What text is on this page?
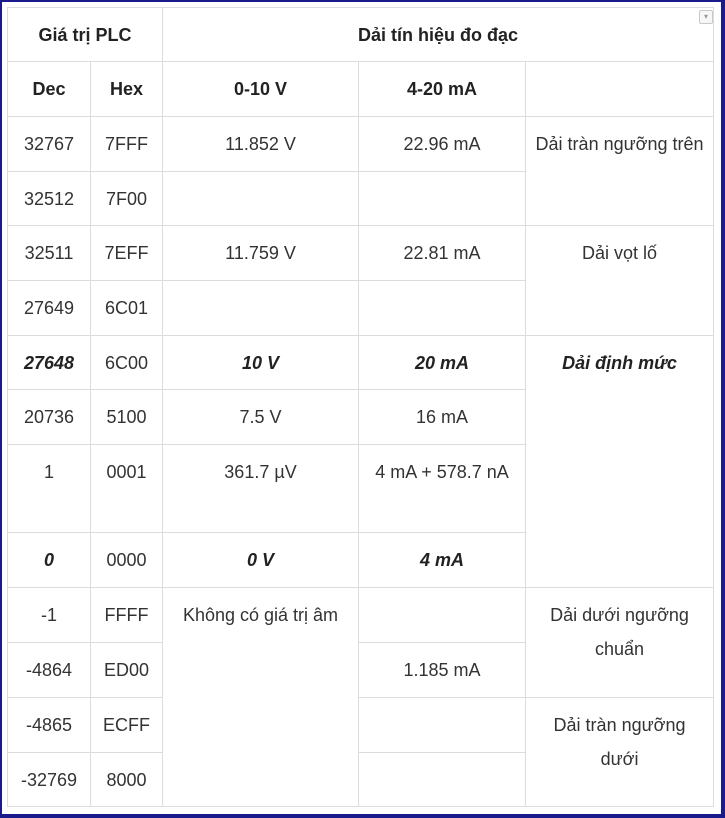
▾
Giá trị PLC		Dải tín hiệu đo đạc		
Dec	Hex	0-10 V	4-20 mA	
32767	7FFF	11.852 V	22.96 mA	Dải tràn ngưỡng trên
32512	7F00			
32511	7EFF	11.759 V	22.81 mA	Dải vọt lố
27649	6C01			
27648	6C00	10 V	20 mA	Dải định mức
20736	5100	7.5 V	16 mA	
1	0001	361.7 µV	4 mA + 578.7 nA	
0	0000	0 V	4 mA	
-1	FFFF	Không có giá trị âm		Dải dưới ngưỡng chuẩn
-4864	ED00		1.185 mA	
-4865	ECFF			Dải tràn ngưỡng dưới
-32769	8000			
